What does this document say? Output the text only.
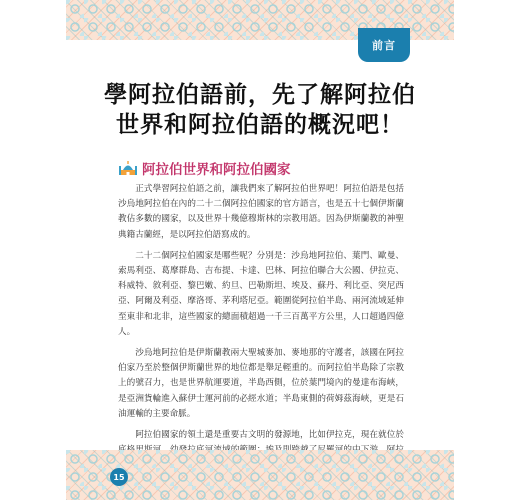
前言
學阿拉伯語前，先了解阿拉伯
世界和阿拉伯語的概況吧！
阿拉伯世界和阿拉伯國家

正式學習阿拉伯語之前，讓我們來了解阿拉伯世界吧！阿拉伯語是包括沙烏地阿拉伯在內的二十二個阿拉伯國家的官方語言，也是五十七個伊斯蘭教佔多數的國家，以及世界十幾億穆斯林的宗教用語。因為伊斯蘭教的神聖典籍古蘭經，是以阿拉伯語寫成的。

二十二個阿拉伯國家是哪些呢？分別是：沙烏地阿拉伯、葉門、歐曼、索馬利亞、葛摩群島、吉布提、卡達、巴林、阿拉伯聯合大公國、伊拉克、科威特、敘利亞、黎巴嫩、約旦、巴勒斯坦、埃及、蘇丹、利比亞、突尼西亞、阿爾及利亞、摩洛哥、茅利塔尼亞。範圍從阿拉伯半島、兩河流域延伸至東非和北非，這些國家的總面積超過一千三百萬平方公里，人口超過四億人。

沙烏地阿拉伯是伊斯蘭教兩大聖城麥加、麥地那的守護者，該國在阿拉伯家乃至於整個伊斯蘭世界的地位都是舉足輕重的。而阿拉伯半島除了宗教上的號召力，也是世界航運要道，半島西側，位於葉門境內的曼達布海峽，是亞洲貨輪進入蘇伊士運河前的必經水道；半島東側的荷姆茲海峽，更是石油運輸的主要命脈。

阿拉伯國家的領土還是重要古文明的發源地，比如伊拉克，現在就位於

15
